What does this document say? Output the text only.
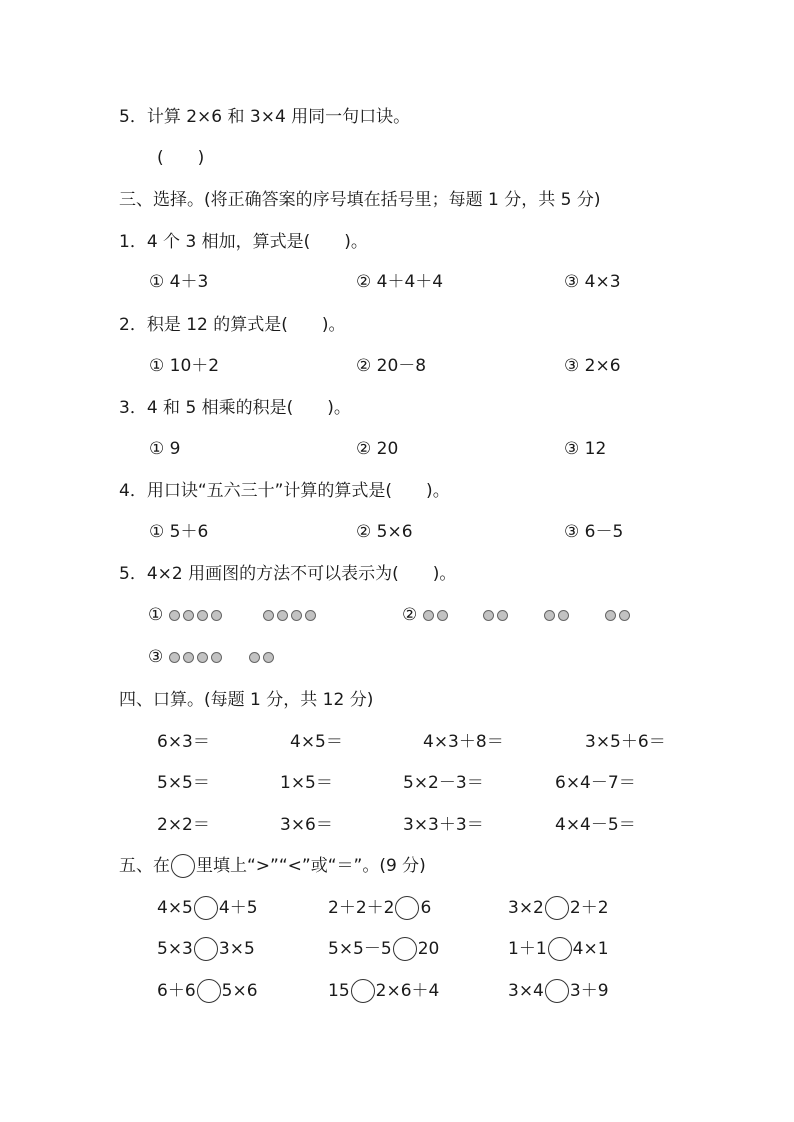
5．计算 2×6 和 3×4 用同一句口诀。
(　　)
三、选择。(将正确答案的序号填在括号里；每题 1 分，共 5 分)
1．4 个 3 相加，算式是(　　)。
① 4＋3	② 4＋4＋4	③ 4×3
2．积是 12 的算式是(　　)。
① 10＋2	② 20－8	③ 2×6
3．4 和 5 相乘的积是(　　)。
① 9	② 20	③ 12
4．用口诀“五六三十”计算的算式是(　　)。
① 5＋6	② 5×6	③ 6－5
5．4×2 用画图的方法不可以表示为(　　)。
①	②
③
四、口算。(每题 1 分，共 12 分)
6×3＝	4×5＝	4×3＋8＝	3×5＋6＝
5×5＝	1×5＝	5×2－3＝	6×4－7＝
2×2＝	3×6＝	3×3＋3＝	4×4－5＝
五、在 里填上“>”“<”或“＝”。(9 分)
4×5 4＋5	2＋2＋2 6	3×2 2＋2
5×3 3×5	5×5－5 20	1＋1 4×1
6＋6 5×6	15 2×6＋4	3×4 3＋9
